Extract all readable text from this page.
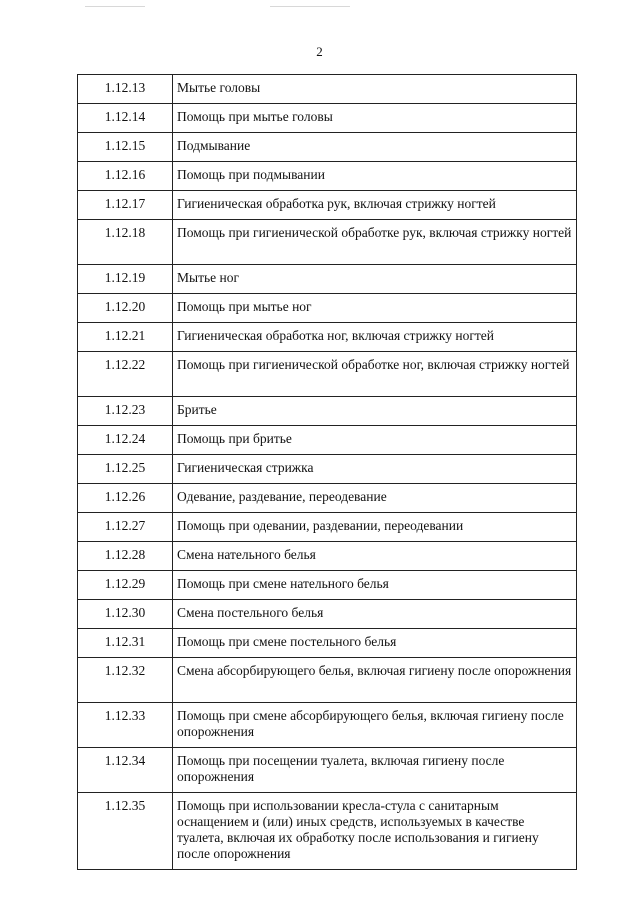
2
1.12.13	Мытье головы
1.12.14	Помощь при мытье головы
1.12.15	Подмывание
1.12.16	Помощь при подмывании
1.12.17	Гигиеническая обработка рук, включая стрижку ногтей
1.12.18	Помощь при гигиенической обработке рук, включая стрижку ногтей
1.12.19	Мытье ног
1.12.20	Помощь при мытье ног
1.12.21	Гигиеническая обработка ног, включая стрижку ногтей
1.12.22	Помощь при гигиенической обработке ног, включая стрижку ногтей
1.12.23	Бритье
1.12.24	Помощь при бритье
1.12.25	Гигиеническая стрижка
1.12.26	Одевание, раздевание, переодевание
1.12.27	Помощь при одевании, раздевании, переодевании
1.12.28	Смена нательного белья
1.12.29	Помощь при смене нательного белья
1.12.30	Смена постельного белья
1.12.31	Помощь при смене постельного белья
1.12.32	Смена абсорбирующего белья, включая гигиену после опорожнения
1.12.33	Помощь при смене абсорбирующего белья, включая гигиену после опорожнения
1.12.34	Помощь при посещении туалета, включая гигиену после опорожнения
1.12.35	Помощь при использовании кресла-стула с санитарным оснащением и (или) иных средств, используемых в качестве туалета, включая их обработку после использования и гигиену после опорожнения
